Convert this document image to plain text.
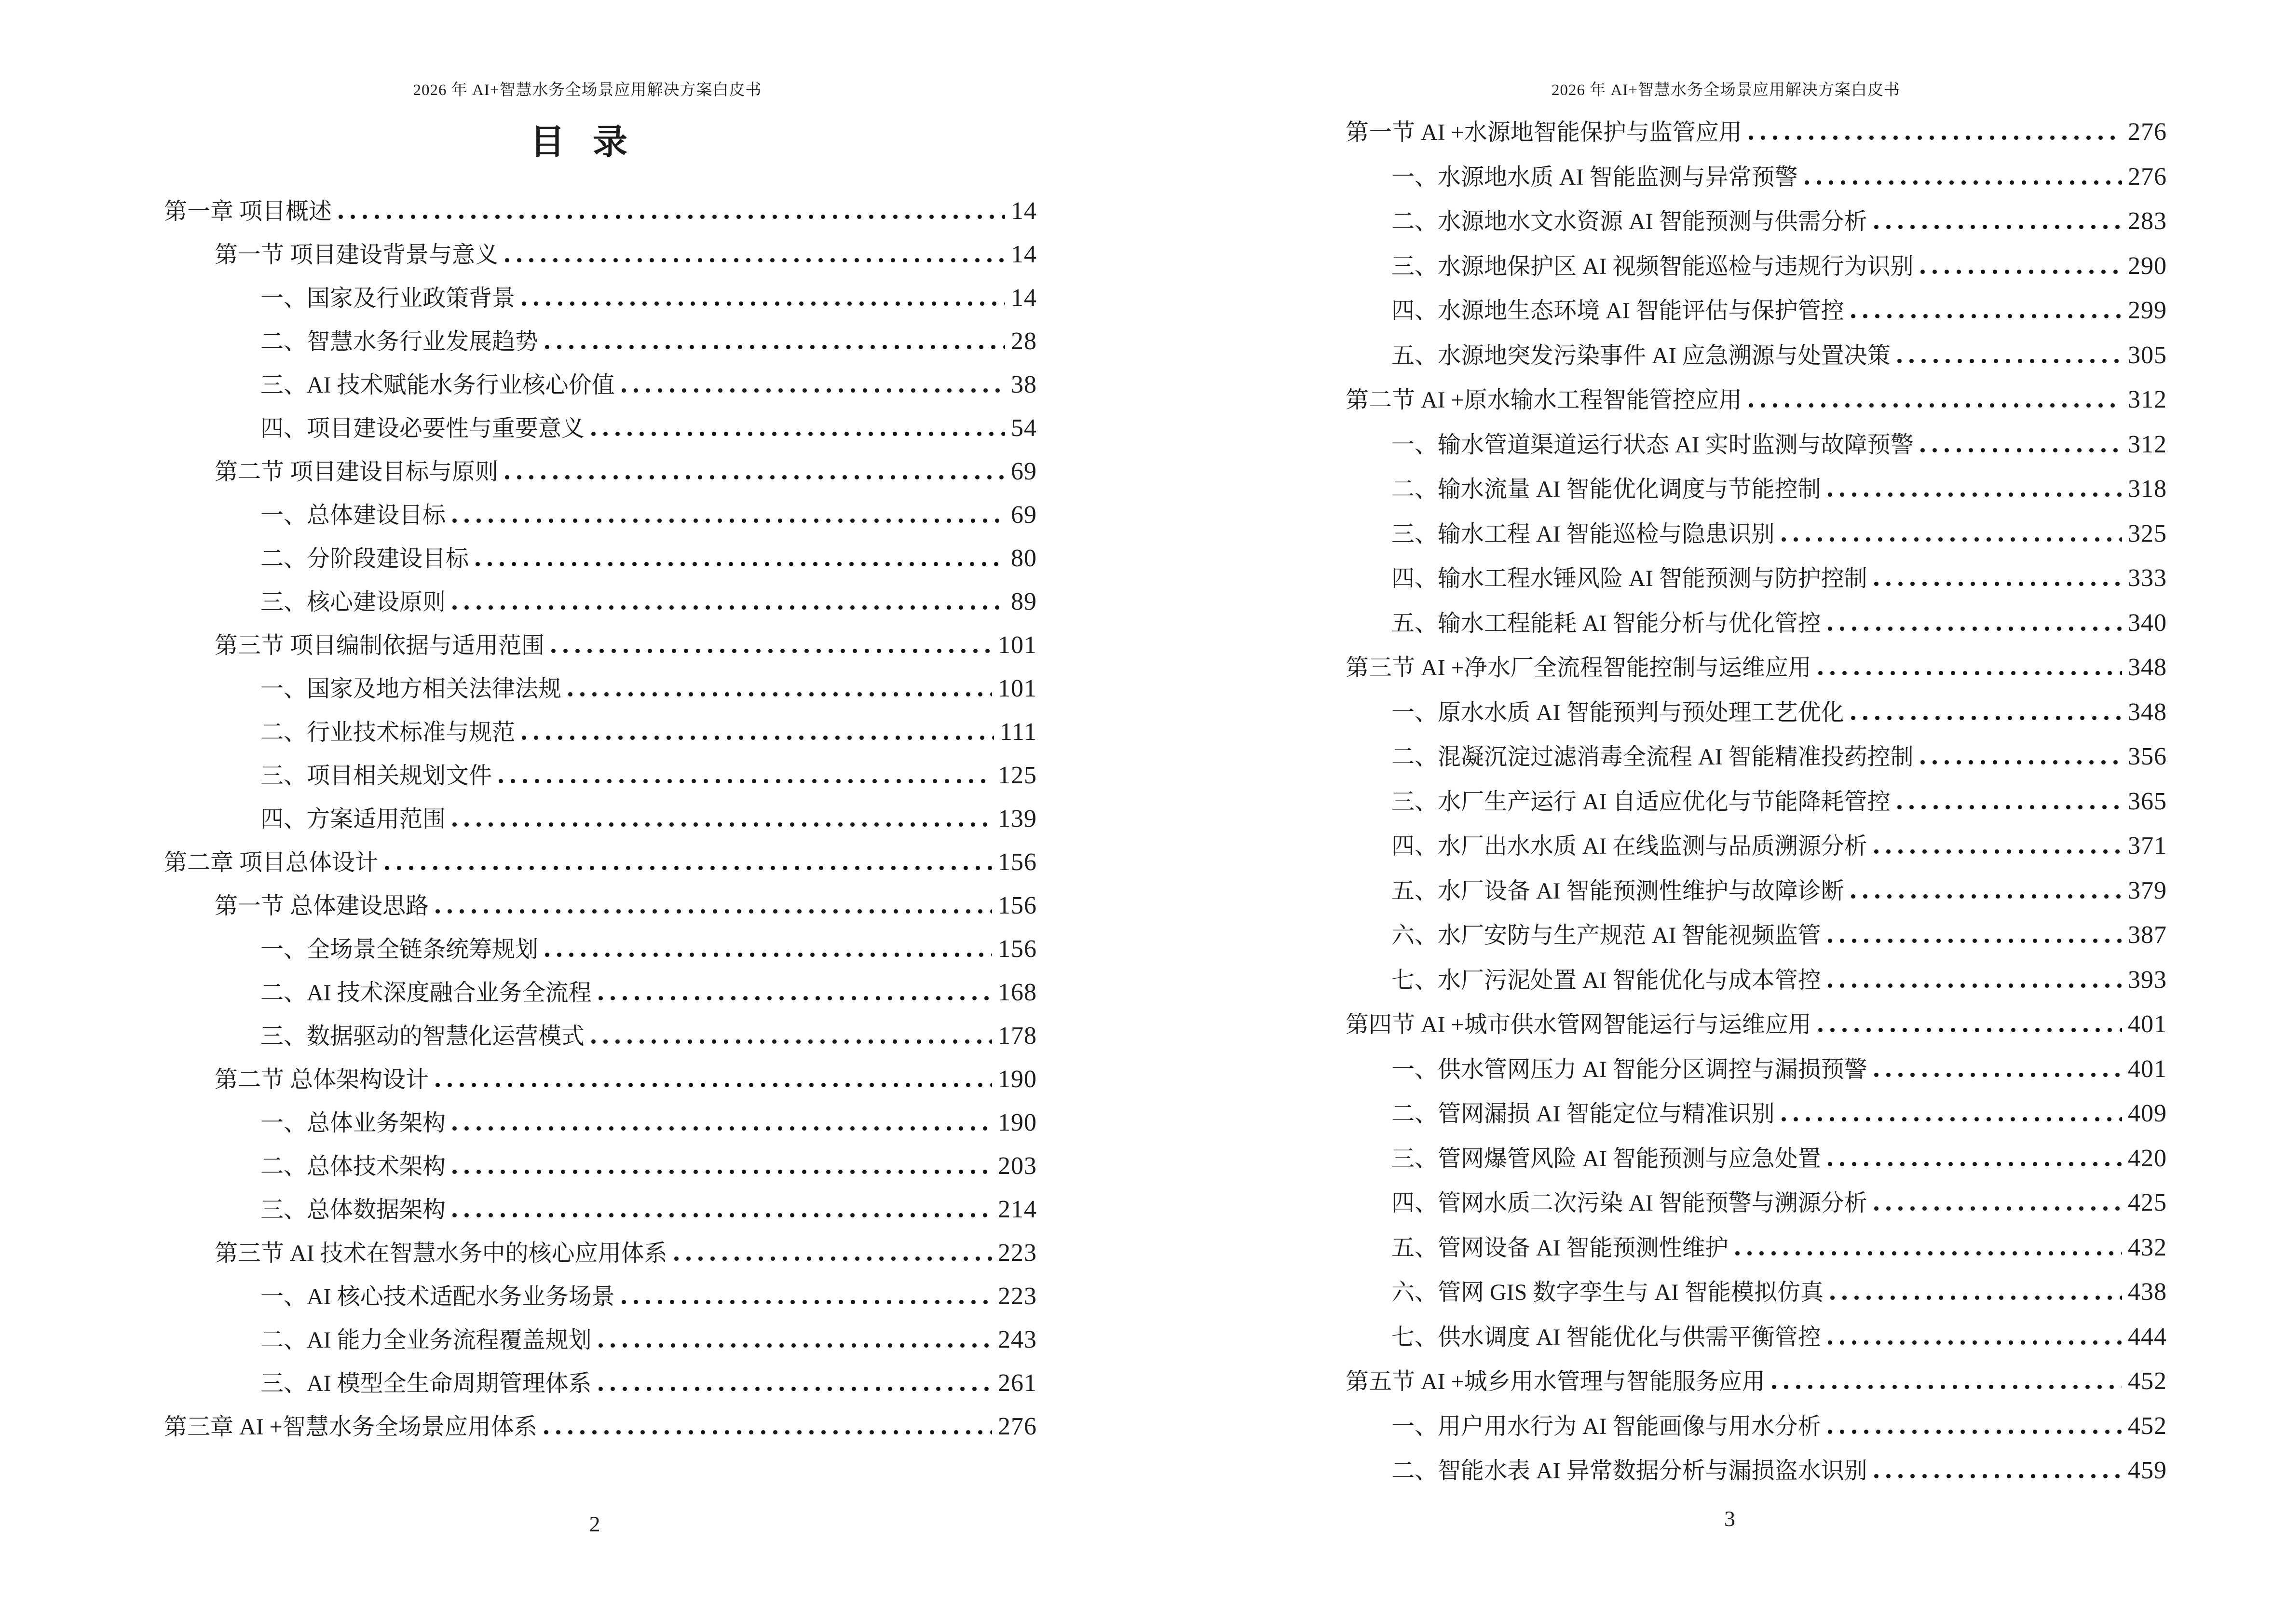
2026 年 AI+智慧水务全场景应用解决方案白皮书
目 录
第一章 项目概述	14
第一节 项目建设背景与意义	14
一、国家及行业政策背景	14
二、智慧水务行业发展趋势	28
三、AI 技术赋能水务行业核心价值	38
四、项目建设必要性与重要意义	54
第二节 项目建设目标与原则	69
一、总体建设目标	69
二、分阶段建设目标	80
三、核心建设原则	89
第三节 项目编制依据与适用范围	101
一、国家及地方相关法律法规	101
二、行业技术标准与规范	111
三、项目相关规划文件	125
四、方案适用范围	139
第二章 项目总体设计	156
第一节 总体建设思路	156
一、全场景全链条统筹规划	156
二、AI 技术深度融合业务全流程	168
三、数据驱动的智慧化运营模式	178
第二节 总体架构设计	190
一、总体业务架构	190
二、总体技术架构	203
三、总体数据架构	214
第三节 AI 技术在智慧水务中的核心应用体系	223
一、AI 核心技术适配水务业务场景	223
二、AI 能力全业务流程覆盖规划	243
三、AI 模型全生命周期管理体系	261
第三章 AI +智慧水务全场景应用体系	276
2
2026 年 AI+智慧水务全场景应用解决方案白皮书
第一节 AI +水源地智能保护与监管应用	276
一、水源地水质 AI 智能监测与异常预警	276
二、水源地水文水资源 AI 智能预测与供需分析	283
三、水源地保护区 AI 视频智能巡检与违规行为识别	290
四、水源地生态环境 AI 智能评估与保护管控	299
五、水源地突发污染事件 AI 应急溯源与处置决策	305
第二节 AI +原水输水工程智能管控应用	312
一、输水管道渠道运行状态 AI 实时监测与故障预警	312
二、输水流量 AI 智能优化调度与节能控制	318
三、输水工程 AI 智能巡检与隐患识别	325
四、输水工程水锤风险 AI 智能预测与防护控制	333
五、输水工程能耗 AI 智能分析与优化管控	340
第三节 AI +净水厂全流程智能控制与运维应用	348
一、原水水质 AI 智能预判与预处理工艺优化	348
二、混凝沉淀过滤消毒全流程 AI 智能精准投药控制	356
三、水厂生产运行 AI 自适应优化与节能降耗管控	365
四、水厂出水水质 AI 在线监测与品质溯源分析	371
五、水厂设备 AI 智能预测性维护与故障诊断	379
六、水厂安防与生产规范 AI 智能视频监管	387
七、水厂污泥处置 AI 智能优化与成本管控	393
第四节 AI +城市供水管网智能运行与运维应用	401
一、供水管网压力 AI 智能分区调控与漏损预警	401
二、管网漏损 AI 智能定位与精准识别	409
三、管网爆管风险 AI 智能预测与应急处置	420
四、管网水质二次污染 AI 智能预警与溯源分析	425
五、管网设备 AI 智能预测性维护	432
六、管网 GIS 数字孪生与 AI 智能模拟仿真	438
七、供水调度 AI 智能优化与供需平衡管控	444
第五节 AI +城乡用水管理与智能服务应用	452
一、用户用水行为 AI 智能画像与用水分析	452
二、智能水表 AI 异常数据分析与漏损盗水识别	459
3
